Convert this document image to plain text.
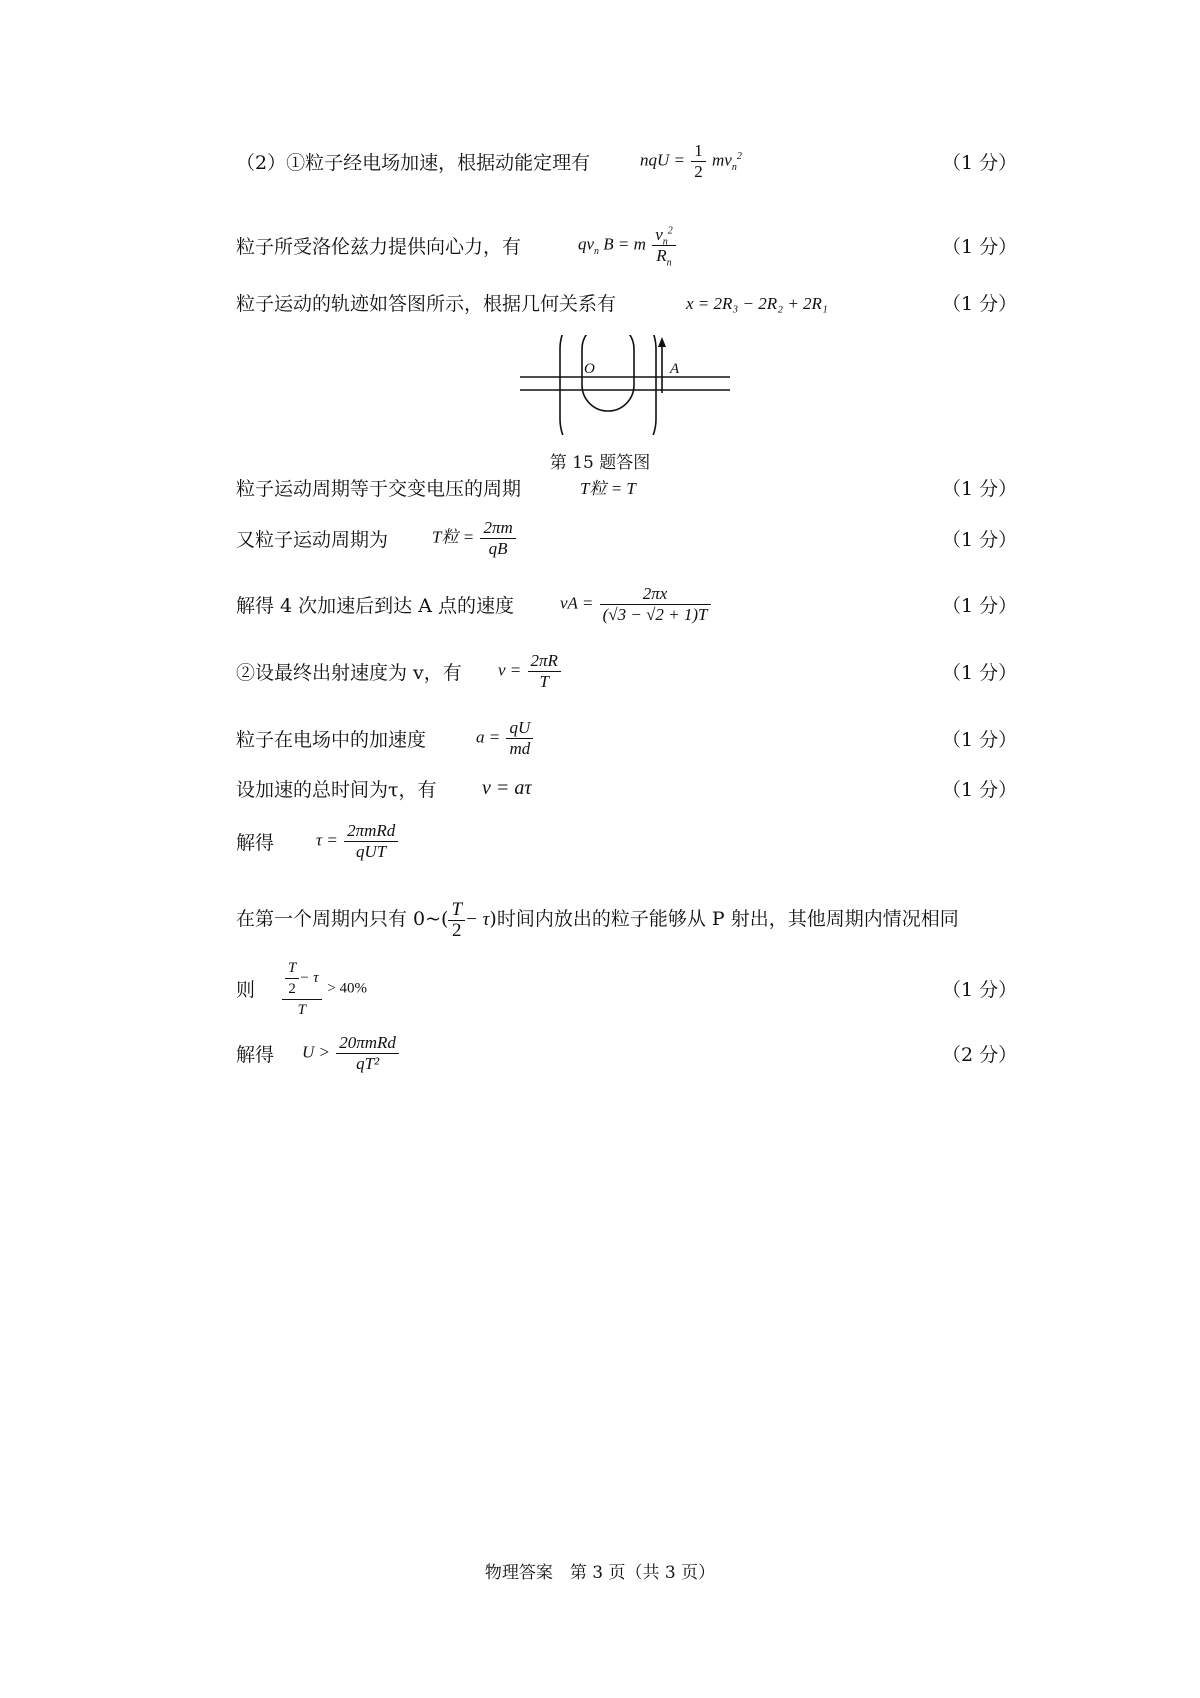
（2）①粒子经电场加速，根据动能定理有	nqU = $\frac{1}{2} mv_n^2$	（1 分）
粒子所受洛伦兹力提供向心力，有	$qv_n$ B = m $\frac{v_n^2}{R_n}$	（1 分）
粒子运动的轨迹如答图所示，根据几何关系有	x = 2R₃ − 2R₂ + 2R₁	（1 分）
O	A
第 15 题答图
粒子运动周期等于交变电压的周期	T粒 = T	（1 分）
又粒子运动周期为	T粒 = $\frac{2\pi m}{qB}$	（1 分）
解得 4 次加速后到达 A 点的速度	vA = $\frac{2\pi x}{(√3 - √2 + 1)T}$	（1 分）
②设最终出射速度为 v，有 $v = \frac{2\pi R}{T}$	（1 分）
粒子在电场中的加速度	$a = \frac{qU}{md}$	（1 分）
设加速的总时间为τ，有 v = aτ	（1 分）
解得 $\tau = \frac{\text{2πmRd}}{\text{qUT}}$
在第一个周期内只有 0~( $\frac{T}{2} - \tau$)时间内放出的粒子能够从 P 射出，其他周期内情况相同
则 $\frac{\frac{T}{2} - \tau}{T} > 40\%$	（1 分）
解得 $U > \frac{\text{20πmRd}}{\text{qT²}}$	（2 分）
物理答案　第 3 页（共 3 页）
